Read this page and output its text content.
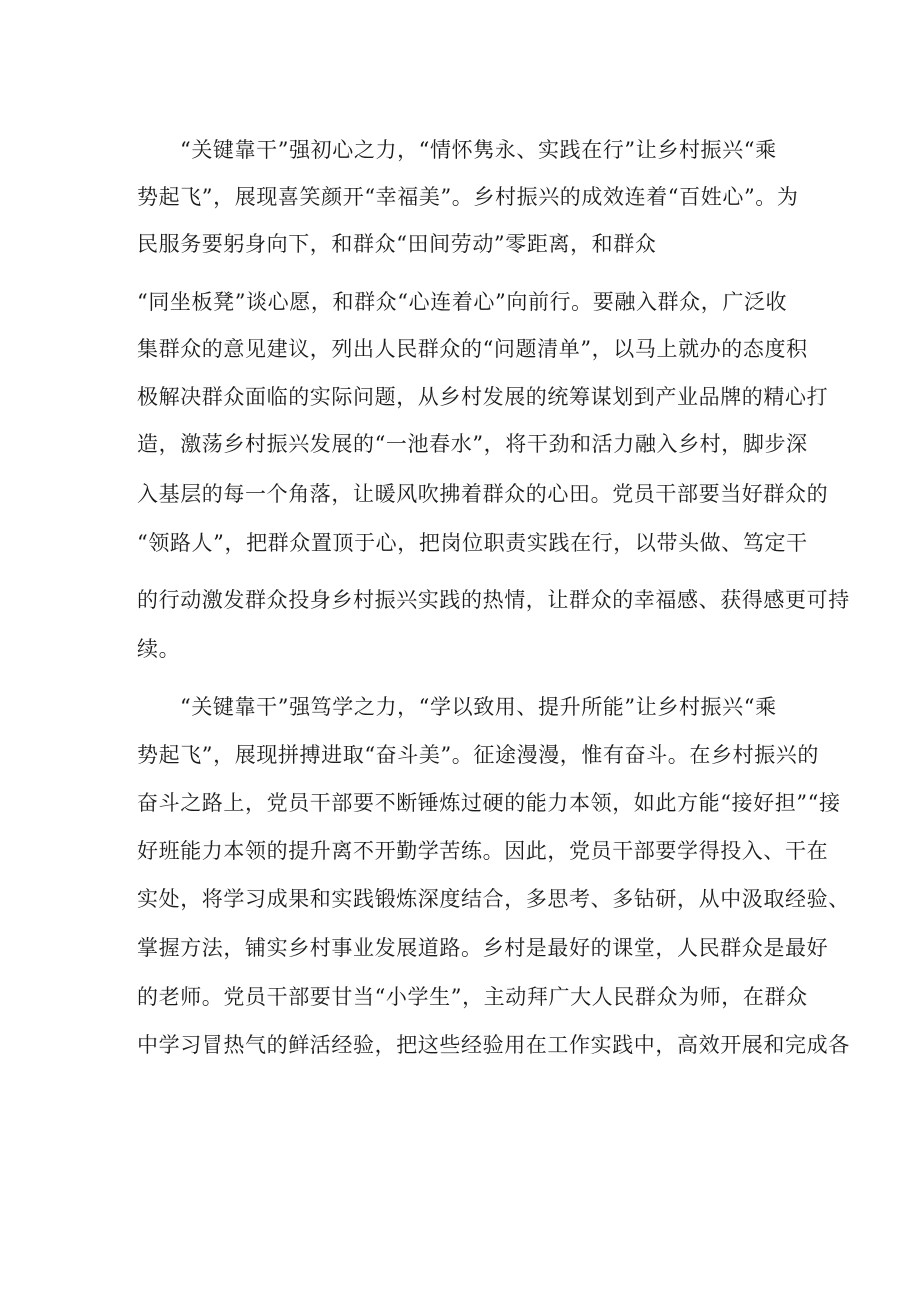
“关键靠干”强初心之力，“情怀隽永、实践在行”让乡村振兴“乘
势起飞”，展现喜笑颜开“幸福美”。乡村振兴的成效连着“百姓心”。为
民服务要躬身向下，和群众“田间劳动”零距离，和群众
“同坐板凳”谈心愿，和群众“心连着心”向前行。要融入群众，广泛收
集群众的意见建议，列出人民群众的“问题清单”，以马上就办的态度积
极解决群众面临的实际问题，从乡村发展的统筹谋划到产业品牌的精心打
造，激荡乡村振兴发展的“一池春水”，将干劲和活力融入乡村，脚步深
入基层的每一个角落，让暖风吹拂着群众的心田。党员干部要当好群众的
“领路人”，把群众置顶于心，把岗位职责实践在行，以带头做、笃定干
的行动激发群众投身乡村振兴实践的热情，让群众的幸福感、获得感更可持
续。
“关键靠干”强笃学之力，“学以致用、提升所能”让乡村振兴“乘
势起飞”，展现拼搏进取“奋斗美”。征途漫漫，惟有奋斗。在乡村振兴的
奋斗之路上，党员干部要不断锤炼过硬的能力本领，如此方能“接好担”“接
好班能力本领的提升离不开勤学苦练。因此，党员干部要学得投入、干在
实处，将学习成果和实践锻炼深度结合，多思考、多钻研，从中汲取经验、
掌握方法，铺实乡村事业发展道路。乡村是最好的课堂，人民群众是最好
的老师。党员干部要甘当“小学生”，主动拜广大人民群众为师，在群众
中学习冒热气的鲜活经验，把这些经验用在工作实践中，高效开展和完成各
